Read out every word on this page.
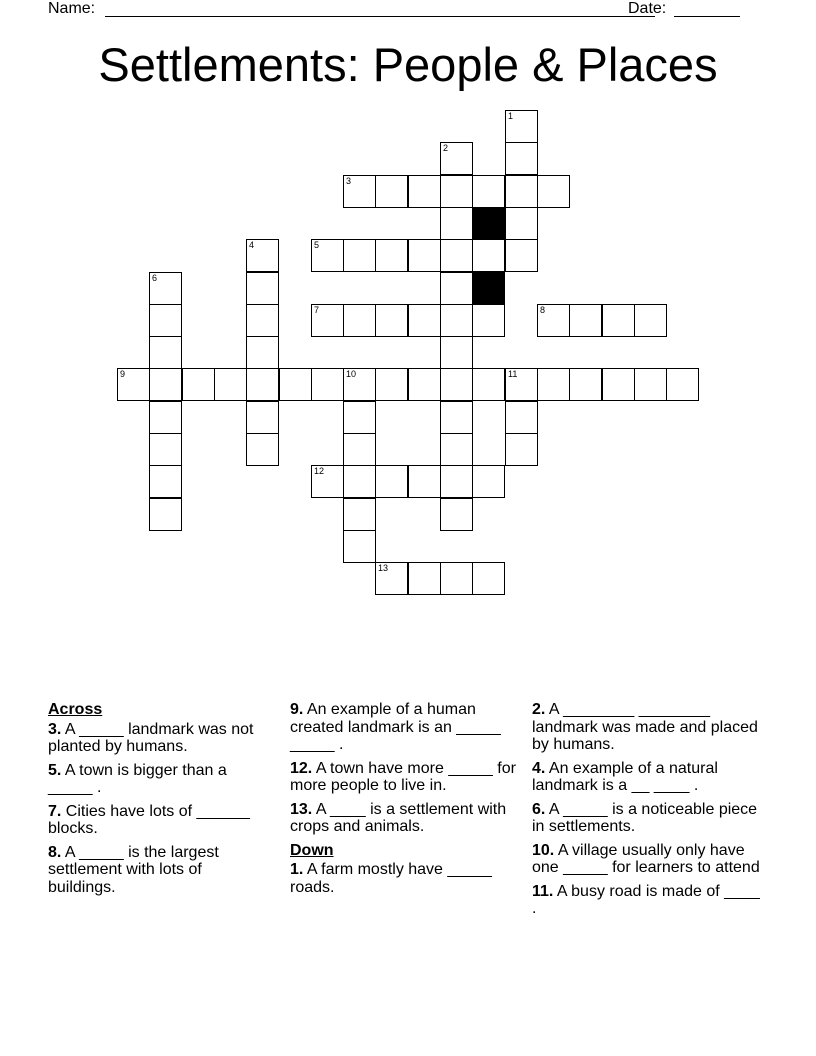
Name:	Date:
Settlements: People & Places
1
2
3
4	5
6
7	8
9	10	11
12
13
Across
3. A _____ landmark was not planted by humans.
5. A town is bigger than a _____ .
7. Cities have lots of ______ blocks.
8. A _____ is the largest settlement with lots of buildings.
9. An example of a human created landmark is an _____ _____ .
12. A town have more _____ for more people to live in.
13. A ____ is a settlement with crops and animals.
Down
1. A farm mostly have _____ roads.
2. A ________ ________ landmark was made and placed by humans.
4. An example of a natural landmark is a __ ____ .
6. A _____ is a noticeable piece in settlements.
10. A village usually only have one _____ for learners to attend
11. A busy road is made of ____ .
